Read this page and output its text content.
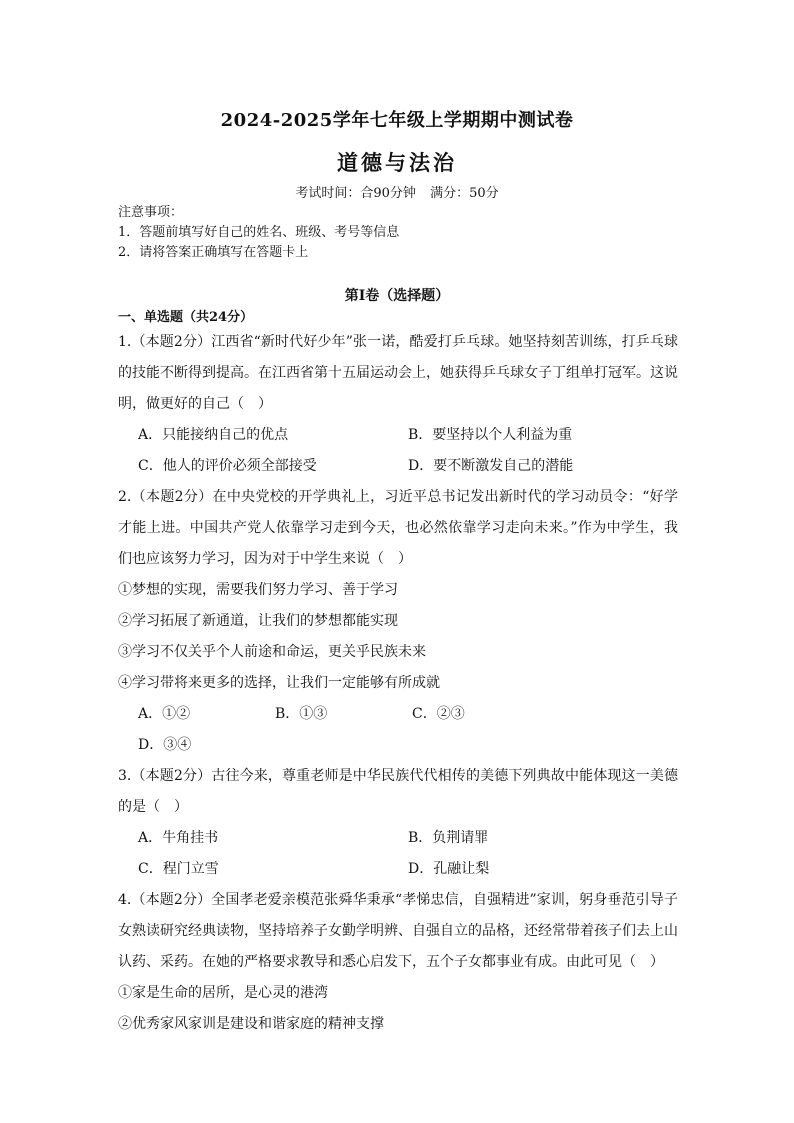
2024-2025学年七年级上学期期中测试卷
道德与法治
考试时间：合90分钟 满分：50分
注意事项：
1．答题前填写好自己的姓名、班级、考号等信息
2．请将答案正确填写在答题卡上
第I卷（选择题）
一、单选题（共24分）
1.（本题2分）江西省“新时代好少年”张一诺，酷爱打乒乓球。她坚持刻苦训练，打乒乓球的技能不断得到提高。在江西省第十五届运动会上，她获得乒乓球女子丁组单打冠军。这说明，做更好的自己（　）
A．只能接纳自己的优点	B．要坚持以个人利益为重
C．他人的评价必须全部接受	D．要不断激发自己的潜能
2.（本题2分）在中央党校的开学典礼上，习近平总书记发出新时代的学习动员令：“好学才能上进。中国共产党人依靠学习走到今天，也必然依靠学习走向未来。”作为中学生，我们也应该努力学习，因为对于中学生来说（　）
①梦想的实现，需要我们努力学习、善于学习
②学习拓展了新通道，让我们的梦想都能实现
③学习不仅关乎个人前途和命运，更关乎民族未来
④学习带将来更多的选择，让我们一定能够有所成就
A．①②	B．①③	C．②③
D．③④
3.（本题2分）古往今来，尊重老师是中华民族代代相传的美德下列典故中能体现这一美德的是（　）
A．牛角挂书	B．负荆请罪
C．程门立雪	D．孔融让梨
4.（本题2分）全国孝老爱亲模范张舜华秉承“孝悌忠信，自强精进”家训，躬身垂范引导子女熟读研究经典读物，坚持培养子女勤学明辨、自强自立的品格，还经常带着孩子们去上山认药、采药。在她的严格要求教导和悉心启发下，五个子女都事业有成。由此可见（　）
①家是生命的居所，是心灵的港湾
②优秀家风家训是建设和谐家庭的精神支撑
